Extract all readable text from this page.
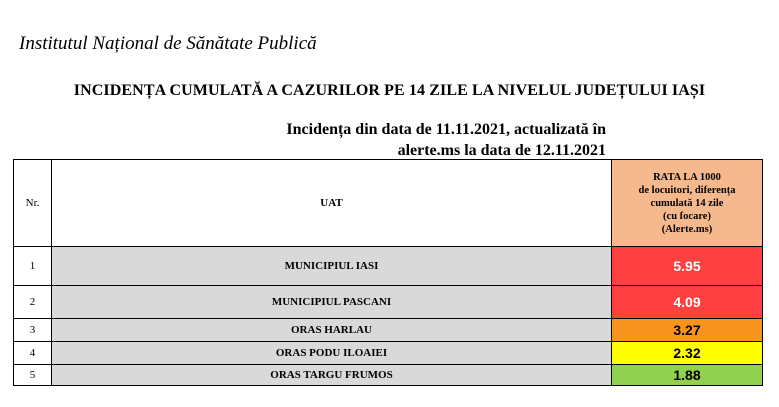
Institutul Național de Sănătate Publică
INCIDENȚA CUMULATĂ A CAZURILOR PE 14 ZILE LA NIVELUL JUDEȚULUI IAȘI
Incidența din data de 11.11.2021, actualizată în
alerte.ms la data de 12.11.2021
Nr.	UAT	RATA LA 1000
de locuitori, diferența
cumulată 14 zile
(cu focare)
(Alerte.ms)

1	MUNICIPIUL IASI	5.95
2	MUNICIPIUL PASCANI	4.09
3	ORAS HARLAU	3.27
4	ORAS PODU ILOAIEI	2.32
5	ORAS TARGU FRUMOS	1.88
